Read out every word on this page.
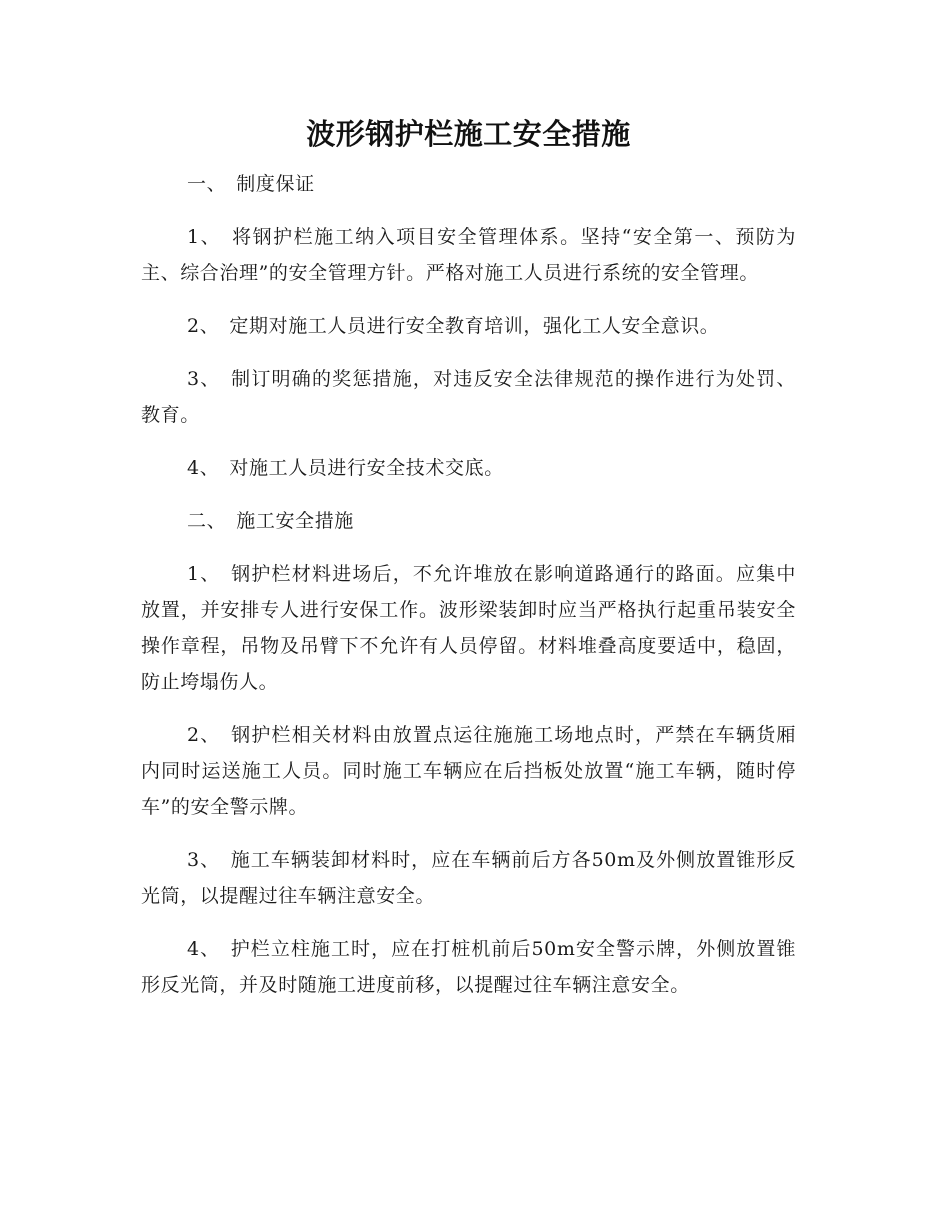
波形钢护栏施工安全措施

一、　制度保证

1、　将钢护栏施工纳入项目安全管理体系。坚持“安全第一、预防为主、综合治理”的安全管理方针。严格对施工人员进行系统的安全管理。

2、　定期对施工人员进行安全教育培训，强化工人安全意识。

3、　制订明确的奖惩措施，对违反安全法律规范的操作进行为处罚、教育。

4、　对施工人员进行安全技术交底。

二、　施工安全措施

1、　钢护栏材料进场后，不允许堆放在影响道路通行的路面。应集中放置，并安排专人进行安保工作。波形梁装卸时应当严格执行起重吊装安全操作章程，吊物及吊臂下不允许有人员停留。材料堆叠高度要适中，稳固，防止垮塌伤人。

2、　钢护栏相关材料由放置点运往施施工场地点时，严禁在车辆货厢内同时运送施工人员。同时施工车辆应在后挡板处放置“施工车辆，随时停车”的安全警示牌。

3、　施工车辆装卸材料时，应在车辆前后方各50m及外侧放置锥形反光筒，以提醒过往车辆注意安全。

4、　护栏立柱施工时，应在打桩机前后50m安全警示牌，外侧放置锥形反光筒，并及时随施工进度前移，以提醒过往车辆注意安全。
